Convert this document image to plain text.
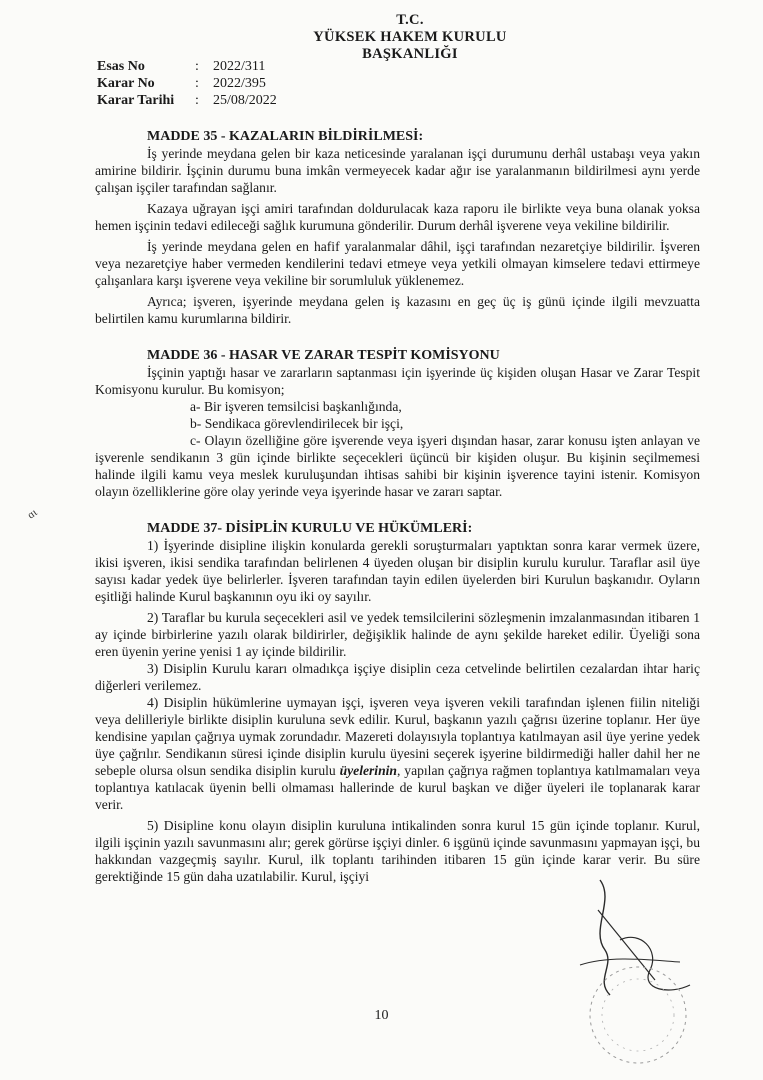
T.C.
YÜKSEK HAKEM KURULU
BAŞKANLIĞI
Esas No	:	2022/311
Karar No	:	2022/395
Karar Tarihi	:	25/08/2022
MADDE 35 - KAZALARIN BİLDİRİLMESİ:

İş yerinde meydana gelen bir kaza neticesinde yaralanan işçi durumunu derhâl ustabaşı veya yakın amirine bildirir. İşçinin durumu buna imkân vermeyecek kadar ağır ise yaralanmanın bildirilmesi aynı yerde çalışan işçiler tarafından sağlanır.

Kazaya uğrayan işçi amiri tarafından doldurulacak kaza raporu ile birlikte veya buna olanak yoksa hemen işçinin tedavi edileceği sağlık kurumuna gönderilir. Durum derhâl işverene veya vekiline bildirilir.

İş yerinde meydana gelen en hafif yaralanmalar dâhil, işçi tarafından nezaretçiye bildirilir. İşveren veya nezaretçiye haber vermeden kendilerini tedavi etmeye veya yetkili olmayan kimselere tedavi ettirmeye çalışanlara karşı işverene veya vekiline bir sorumluluk yüklenemez.

Ayrıca; işveren, işyerinde meydana gelen iş kazasını en geç üç iş günü içinde ilgili mevzuatta belirtilen kamu kurumlarına bildirir.

MADDE 36 - HASAR VE ZARAR TESPİT KOMİSYONU

İşçinin yaptığı hasar ve zararların saptanması için işyerinde üç kişiden oluşan Hasar ve Zarar Tespit Komisyonu kurulur. Bu komisyon;

a- Bir işveren temsilcisi başkanlığında,

b- Sendikaca görevlendirilecek bir işçi,

c- Olayın özelliğine göre işverende veya işyeri dışından hasar, zarar konusu işten anlayan ve işverenle sendikanın 3 gün içinde birlikte seçecekleri üçüncü bir kişiden oluşur. Bu kişinin seçilmemesi halinde ilgili kamu veya meslek kuruluşundan ihtisas sahibi bir kişinin işverence tayini istenir. Komisyon olayın özelliklerine göre olay yerinde veya işyerinde hasar ve zararı saptar.

MADDE 37- DİSİPLİN KURULU VE HÜKÜMLERİ:

1) İşyerinde disipline ilişkin konularda gerekli soruşturmaları yaptıktan sonra karar vermek üzere, ikisi işveren, ikisi sendika tarafından belirlenen 4 üyeden oluşan bir disiplin kurulu kurulur. Taraflar asil üye sayısı kadar yedek üye belirlerler. İşveren tarafından tayin edilen üyelerden biri Kurulun başkanıdır. Oyların eşitliği halinde Kurul başkanının oyu iki oy sayılır.

2) Taraflar bu kurula seçecekleri asil ve yedek temsilcilerini sözleşmenin imzalanmasından itibaren 1 ay içinde birbirlerine yazılı olarak bildirirler, değişiklik halinde de aynı şekilde hareket edilir. Üyeliği sona eren üyenin yerine yenisi 1 ay içinde bildirilir.

3) Disiplin Kurulu kararı olmadıkça işçiye disiplin ceza cetvelinde belirtilen cezalardan ihtar hariç diğerleri verilemez.

4) Disiplin hükümlerine uymayan işçi, işveren veya işveren vekili tarafından işlenen fiilin niteliği veya delilleriyle birlikte disiplin kuruluna sevk edilir. Kurul, başkanın yazılı çağrısı üzerine toplanır. Her üye kendisine yapılan çağrıya uymak zorundadır. Mazereti dolayısıyla toplantıya katılmayan asil üye yerine yedek üye çağrılır. Sendikanın süresi içinde disiplin kurulu üyesini seçerek işyerine bildirmediği haller dahil her ne sebeple olursa olsun sendika disiplin kurulu üyelerinin, yapılan çağrıya rağmen toplantıya katılmamaları veya toplantıya katılacak üyenin belli olmaması hallerinde de kurul başkan ve diğer üyeleri ile toplanarak karar verir.

5) Disipline konu olayın disiplin kuruluna intikalinden sonra kurul 15 gün içinde toplanır. Kurul, ilgili işçinin yazılı savunmasını alır; gerek görürse işçiyi dinler. 6 işgünü içinde savunmasını yapmayan işçi, bu hakkından vazgeçmiş sayılır. Kurul, ilk toplantı tarihinden itibaren 15 gün içinde karar verir. Bu süre gerektiğinde 15 gün daha uzatılabilir. Kurul, işçiyi

ɑɩ
10
